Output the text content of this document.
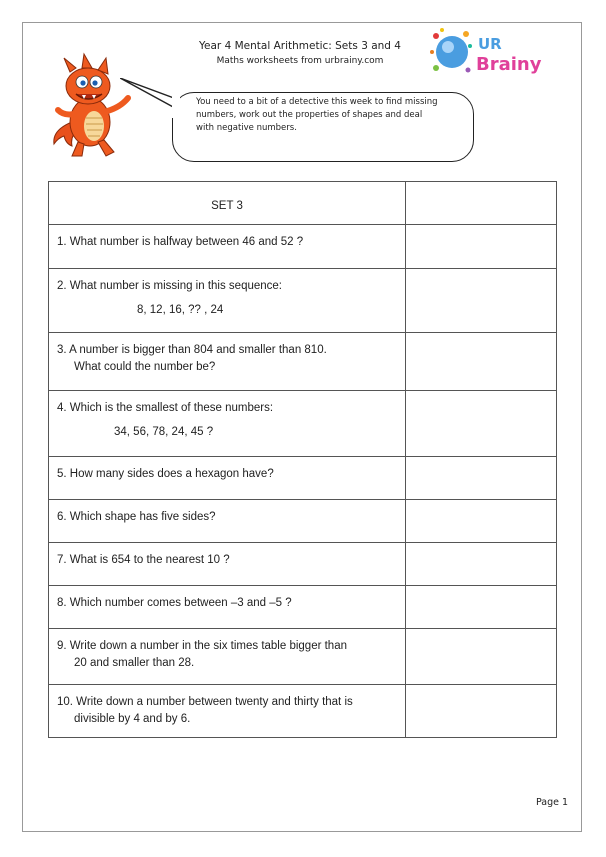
Year 4 Mental Arithmetic: Sets 3 and 4
Maths worksheets from urbrainy.com
UR
Brainy
You need to a bit of a detective this week to find missing
numbers, work out the properties of shapes and deal
with negative numbers.
SET 3	

1. What number is halfway between 46 and 52 ?	

2. What number is missing in this sequence:
8, 12, 16, ?? , 24	

3. A number is bigger than 804 and smaller than 810.
What could the number be?	

4. Which is the smallest of these numbers:
34, 56, 78, 24, 45 ?	

5. How many sides does a hexagon have?	

6. Which shape has five sides?	

7. What is 654 to the nearest 10 ?	

8. Which number comes between –3 and –5 ?	

9. Write down a number in the six times table bigger than
20 and smaller than 28.	

10. Write down a number between twenty and thirty that is
divisible by 4 and by 6.	

Page 1
